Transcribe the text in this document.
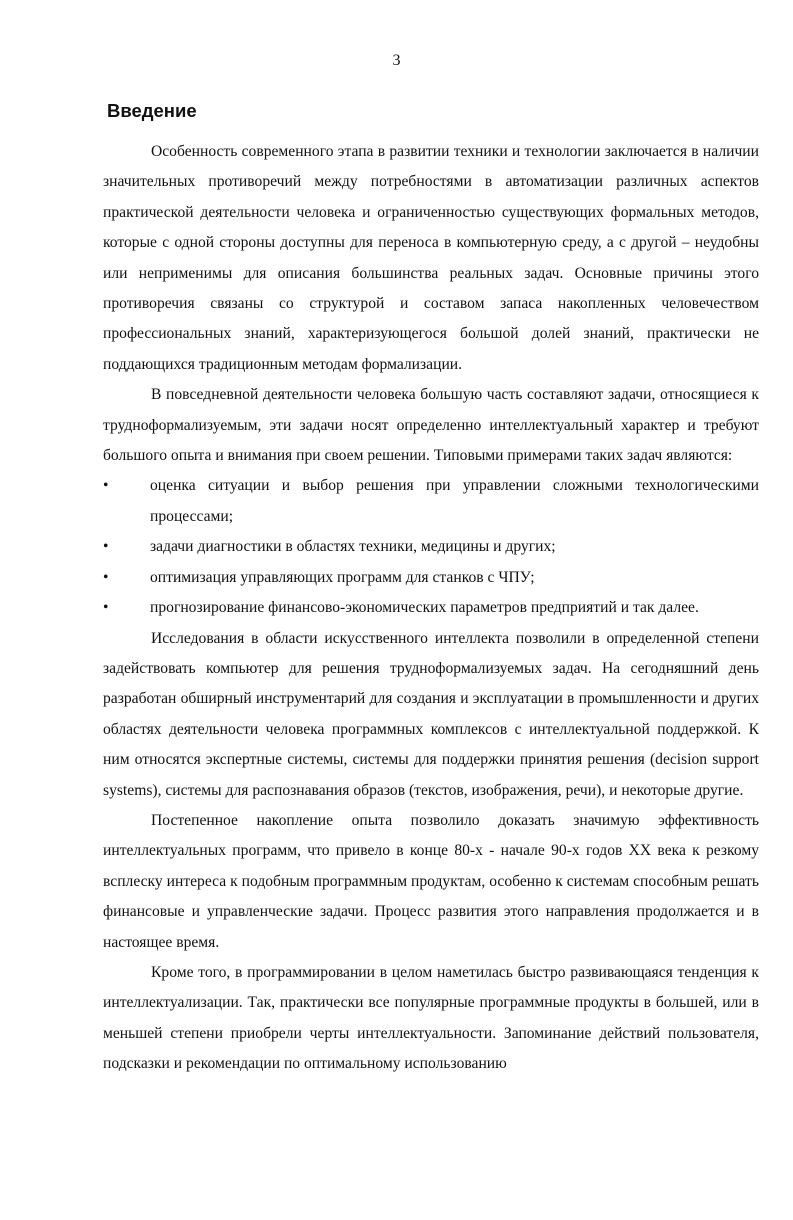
3
Введение

Особенность современного этапа в развитии техники и технологии заключается в наличии значительных противоречий между потребностями в автоматизации различных аспектов практической деятельности человека и ограниченностью существующих формальных методов, которые с одной стороны доступны для переноса в компьютерную среду, а с другой – неудобны или неприменимы для описания большинства реальных задач. Основные причины этого противоречия связаны со структурой и составом запаса накопленных человечеством профессиональных знаний, характеризующегося большой долей знаний, практически не поддающихся традиционным методам формализации.

В повседневной деятельности человека большую часть составляют задачи, относящиеся к трудноформализуемым, эти задачи носят определенно интеллектуальный характер и требуют большого опыта и внимания при своем решении. Типовыми примерами таких задач являются:

•	оценка ситуации и выбор решения при управлении сложными технологическими процессами;
•	задачи диагностики в областях техники, медицины и других;
•	оптимизация управляющих программ для станков с ЧПУ;
•	прогнозирование финансово-экономических параметров предприятий и так далее.

Исследования в области искусственного интеллекта позволили в определенной степени задействовать компьютер для решения трудноформализуемых задач. На сегодняшний день разработан обширный инструментарий для создания и эксплуатации в промышленности и других областях деятельности человека программных комплексов с интеллектуальной поддержкой. К ним относятся экспертные системы, системы для поддержки принятия решения (decision support systems), системы для распознавания образов (текстов, изображения, речи), и некоторые другие.

Постепенное накопление опыта позволило доказать значимую эффективность интеллектуальных программ, что привело в конце 80-х - начале 90-х годов XX века к резкому всплеску интереса к подобным программным продуктам, особенно к системам способным решать финансовые и управленческие задачи. Процесс развития этого направления продолжается и в настоящее время.

Кроме того, в программировании в целом наметилась быстро развивающаяся тенденция к интеллектуализации. Так, практически все популярные программные продукты в большей, или в меньшей степени приобрели черты интеллектуальности. Запоминание действий пользователя, подсказки и рекомендации по оптимальному использованию
